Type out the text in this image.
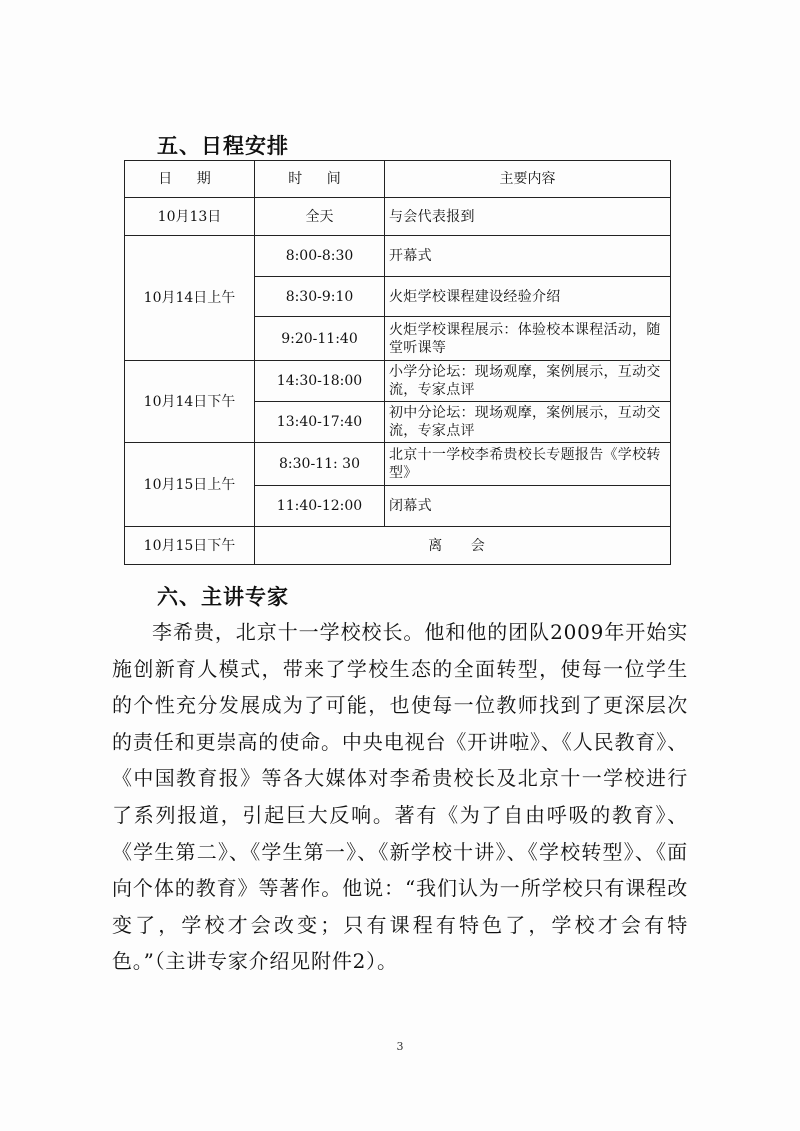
五、日程安排
日 期	时 间	主要内容
10月13日	全天	与会代表报到
10月14日上午	8:00-8:30	开幕式
	8:30-9:10	火炬学校课程建设经验介绍
	9:20-11:40	火炬学校课程展示：体验校本课程活动，随堂听课等
10月14日下午	14:30-18:00	小学分论坛：现场观摩，案例展示，互动交流，专家点评
	13:40-17:40	初中分论坛：现场观摩，案例展示，互动交流，专家点评
10月15日上午	8:30-11: 30	北京十一学校李希贵校长专题报告《学校转型》
	11:40-12:00	闭幕式
10月15日下午	离 会	
六、主讲专家

李希贵，北京十一学校校长。他和他的团队2009年开始实施创新育人模式，带来了学校生态的全面转型，使每一位学生的个性充分发展成为了可能，也使每一位教师找到了更深层次的责任和更崇高的使命。中央电视台《开讲啦》、《人民教育》、《中国教育报》等各大媒体对李希贵校长及北京十一学校进行了系列报道，引起巨大反响。著有《为了自由呼吸的教育》、《学生第二》、《学生第一》、《新学校十讲》、《学校转型》、《面向个体的教育》等著作。他说：“我们认为一所学校只有课程改变了，学校才会改变；只有课程有特色了，学校才会有特色。”（主讲专家介绍见附件2）。

3
